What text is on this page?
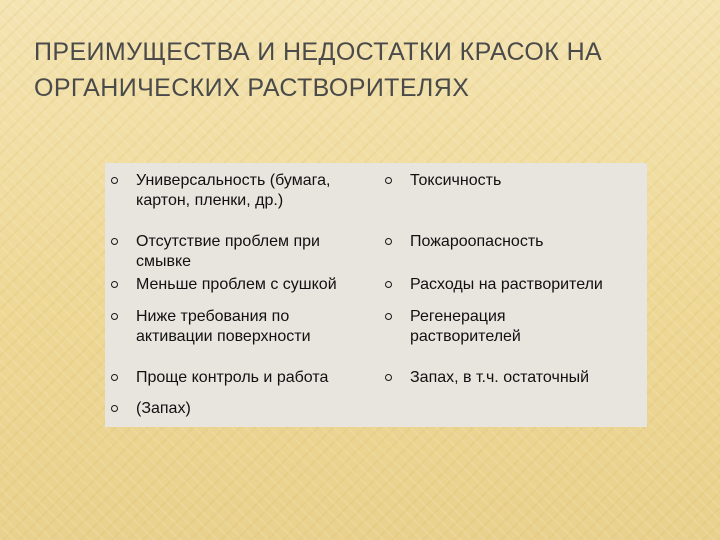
ПРЕИМУЩЕСТВА И НЕДОСТАТКИ КРАСОК НА
ОРГАНИЧЕСКИХ РАСТВОРИТЕЛЯХ
Универсальность (бумага,
картон, пленки, др.)
Отсутствие проблем при
смывке
Меньше проблем с сушкой
Ниже требования по
активации поверхности
Проще контроль и работа
(Запах)
Токсичность
Пожароопасность
Расходы на растворители
Регенерация
растворителей
Запах, в т.ч. остаточный
